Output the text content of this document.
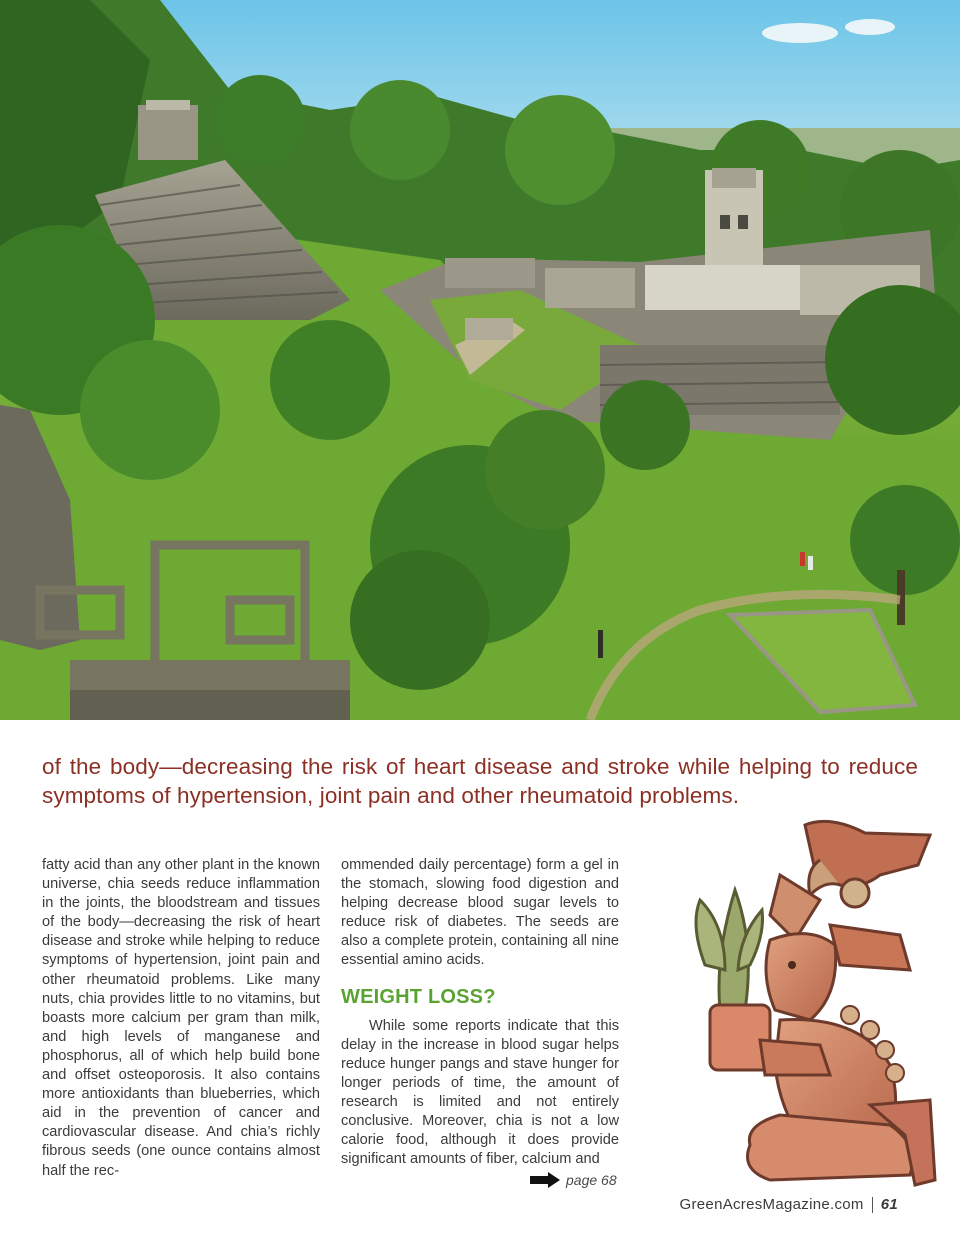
of the body—decreasing the risk of heart disease and stroke while helping to reduce symptoms of hypertension, joint pain and other rheumatoid problems.

fatty acid than any other plant in the known universe, chia seeds reduce inflammation in the joints, the bloodstream and tissues of the body—decreasing the risk of heart disease and stroke while helping to reduce symptoms of hypertension, joint pain and other rheumatoid problems. Like many nuts, chia provides little to no vitamins, but boasts more calcium per gram than milk, and high levels of manganese and phosphorus, all of which help build bone and offset osteoporosis. It also contains more antioxidants than blueberries, which aid in the prevention of cancer and cardiovascular disease. And chia’s richly fibrous seeds (one ounce contains almost half the rec-

ommended daily percentage) form a gel in the stomach, slowing food digestion and helping decrease blood sugar levels to reduce risk of diabetes. The seeds are also a complete protein, containing all nine essential amino acids.

WEIGHT LOSS?

While some reports indicate that this delay in the increase in blood sugar helps reduce hunger pangs and stave hunger for longer periods of time, the amount of research is limited and not entirely conclusive. Moreover, chia is not a low calorie food, although it does provide significant amounts of fiber, calcium and

page 68
GreenAcresMagazine.com 61
